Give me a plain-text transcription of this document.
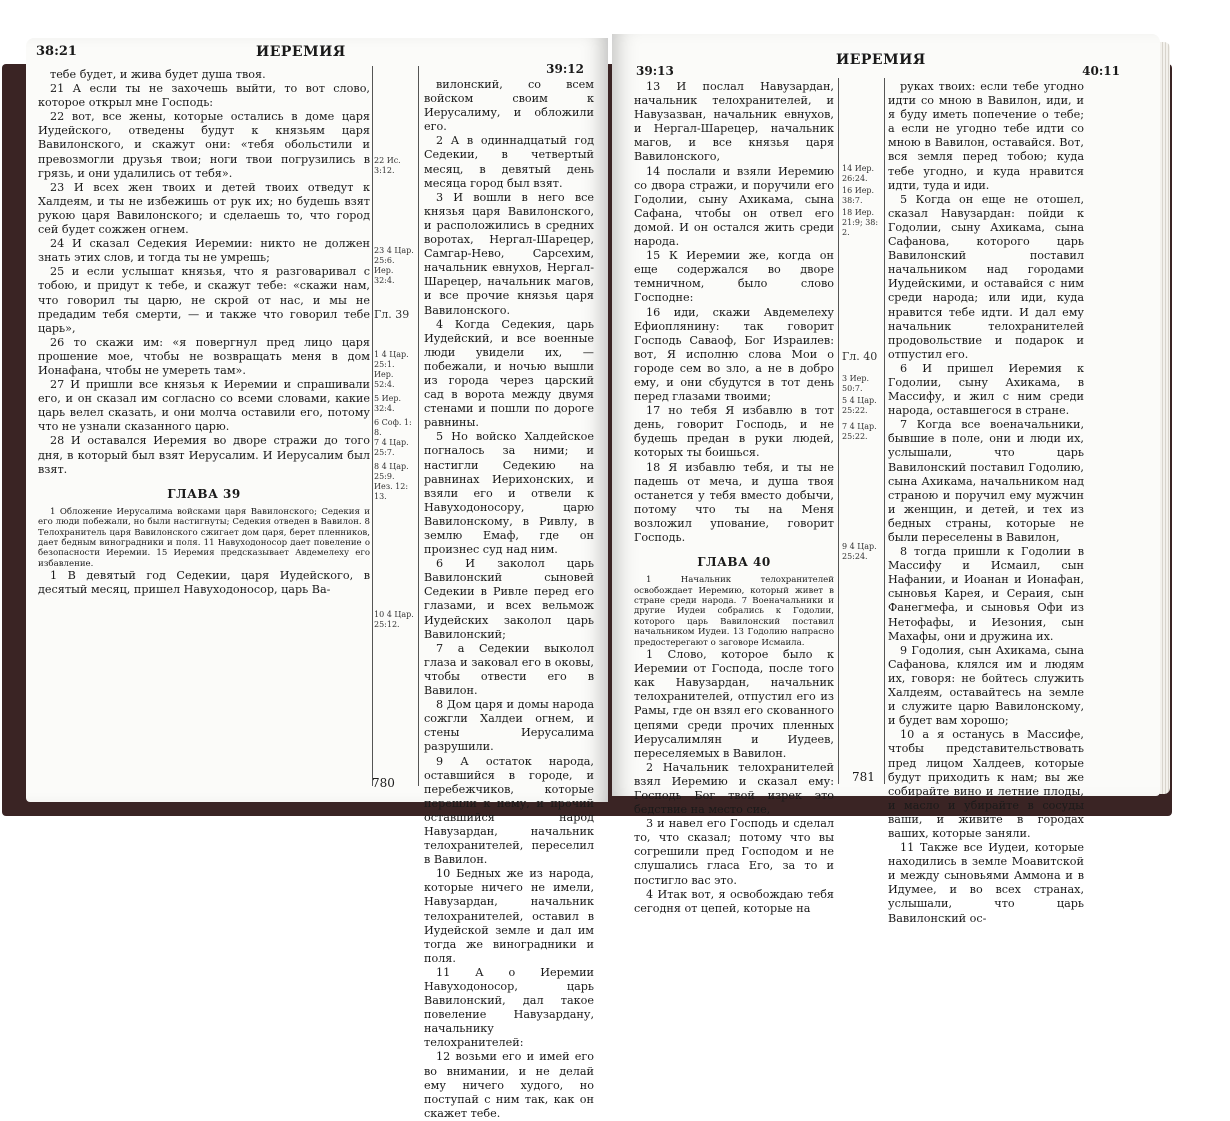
38:21	ИЕРЕМИЯ
39:12

тебе будет, и жива будет душа твоя.

21 А если ты не захочешь выйти, то вот слово, которое открыл мне Господь:

22 вот, все жены, которые остались в доме царя Иудейского, отведены будут к князьям царя Вавилонского, и скажут они: «тебя обольстили и превозмогли друзья твои; ноги твои погрузились в грязь, и они удалились от тебя».

23 И всех жен твоих и детей твоих отведут к Халдеям, и ты не избежишь от рук их; но будешь взят рукою царя Вавилонского; и сделаешь то, что город сей будет сожжен огнем.

24 И сказал Седекия Иеремии: никто не должен знать этих слов, и тогда ты не умрешь;

25 и если услышат князья, что я разговаривал с тобою, и придут к тебе, и скажут тебе: «скажи нам, что говорил ты царю, не скрой от нас, и мы не предадим тебя смерти, — и также что говорил тебе царь»,

26 то скажи им: «я повергнул пред лицо царя прошение мое, чтобы не возвращать меня в дом Ионафана, чтобы не умереть там».

27 И пришли все князья к Иеремии и спрашивали его, и он сказал им согласно со всеми словами, какие царь велел сказать, и они молча оставили его, потому что не узнали сказанного царю.

28 И оставался Иеремия во дворе стражи до того дня, в который был взят Иерусалим. И Иерусалим был взят.

ГЛАВА 39

1 Обложение Иерусалима войсками царя Вавилонского; Седекия и его люди побежали, но были настигнуты; Седекия отведен в Вавилон. 8 Телохранитель царя Вавилонского сжигает дом царя, берет пленников, дает бедным виноградники и поля. 11 Навуходоносор дает повеление о безопасности Иеремии. 15 Иеремия предсказывает Авдемелеху его избавление.

1 В девятый год Седекии, царя Иудейского, в десятый месяц, пришел Навуходоносор, царь Ва-

22 Ис. 3:12.
23 4 Цар. 25:6. Иер. 32:4.
Гл. 39
1 4 Цар. 25:1. Иер. 52:4.
5 Иер. 32:4.
6 Соф. 1: 8.
7 4 Цар. 25:7.
8 4 Цар. 25:9. Иез. 12: 13.
10 4 Цар. 25:12.

вилонский, со всем войском своим к Иерусалиму, и обложили его.

2 А в одиннадцатый год Седекии, в четвертый месяц, в девятый день месяца город был взят.

3 И вошли в него все князья царя Вавилонского, и расположились в средних воротах, Нергал-Шарецер, Самгар-Нево, Сарсехим, начальник евнухов, Нергал-Шарецер, начальник магов, и все прочие князья царя Вавилонского.

4 Когда Седекия, царь Иудейский, и все военные люди увидели их, — побежали, и ночью вышли из города через царский сад в ворота между двумя стенами и пошли по дороге равнины.

5 Но войско Халдейское погналось за ними; и настигли Седекию на равнинах Иерихонских, и взяли его и отвели к Навуходоносору, царю Вавилонскому, в Ривлу, в землю Емаф, где он произнес суд над ним.

6 И заколол царь Вавилонский сыновей Седекии в Ривле перед его глазами, и всех вельмож Иудейских заколол царь Вавилонский;

7 а Седекии выколол глаза и заковал его в оковы, чтобы отвести его в Вавилон.

8 Дом царя и домы народа сожгли Халдеи огнем, и стены Иерусалима разрушили.

9 А остаток народа, оставшийся в городе, и перебежчиков, которые перешли к нему, и прочий оставшийся народ Навузардан, начальник телохранителей, переселил в Вавилон.

10 Бедных же из народа, которые ничего не имели, Навузардан, начальник телохранителей, оставил в Иудейской земле и дал им тогда же виноградники и поля.

11 А о Иеремии Навуходоносор, царь Вавилонский, дал такое повеление Навузардану, начальнику телохранителей:

12 возьми его и имей его во внимании, и не делай ему ничего худого, но поступай с ним так, как он скажет тебе.

780
39:13
ИЕРЕМИЯ
40:11

13 И послал Навузардан, начальник телохранителей, и Навузазван, начальник евнухов, и Нергал-Шарецер, начальник магов, и все князья царя Вавилонского,

14 послали и взяли Иеремию со двора стражи, и поручили его Годолии, сыну Ахикама, сына Сафана, чтобы он отвел его домой. И он остался жить среди народа.

15 К Иеремии же, когда он еще содержался во дворе темничном, было слово Господне:

16 иди, скажи Авдемелеху Ефиоплянину: так говорит Господь Саваоф, Бог Израилев: вот, Я исполню слова Мои о городе сем во зло, а не в добро ему, и они сбудутся в тот день перед глазами твоими;

17 но тебя Я избавлю в тот день, говорит Господь, и не будешь предан в руки людей, которых ты боишься.

18 Я избавлю тебя, и ты не падешь от меча, и душа твоя останется у тебя вместо добычи, потому что ты на Меня возложил упование, говорит Господь.

ГЛАВА 40

1 Начальник телохранителей освобождает Иеремию, который живет в стране среди народа. 7 Военачальники и другие Иудеи собрались к Годолии, которого царь Вавилонский поставил начальником Иудеи. 13 Годолию напрасно предостерегают о заговоре Исмаила.

1 Слово, которое было к Иеремии от Господа, после того как Навузардан, начальник телохранителей, отпустил его из Рамы, где он взял его скованного цепями среди прочих пленных Иерусалимлян и Иудеев, переселяемых в Вавилон.

2 Начальник телохранителей взял Иеремию и сказал ему: Господь Бог твой изрек это бедствие на место сие,

3 и навел его Господь и сделал то, что сказал; потому что вы согрешили пред Господом и не слушались гласа Его, за то и постигло вас это.

4 Итак вот, я освобождаю тебя сегодня от цепей, которые на

14 Иер. 26:24.
16 Иер. 38:7.
18 Иер. 21:9; 38: 2.
Гл. 40
3 Иер. 50:7.
5 4 Цар. 25:22.
7 4 Цар. 25:22.
9 4 Цар. 25:24.

руках твоих: если тебе угодно идти со мною в Вавилон, иди, и я буду иметь попечение о тебе; а если не угодно тебе идти со мною в Вавилон, оставайся. Вот, вся земля перед тобою; куда тебе угодно, и куда нравится идти, туда и иди.

5 Когда он еще не отошел, сказал Навузардан: пойди к Годолии, сыну Ахикама, сына Сафанова, которого царь Вавилонский поставил начальником над городами Иудейскими, и оставайся с ним среди народа; или иди, куда нравится тебе идти. И дал ему начальник телохранителей продовольствие и подарок и отпустил его.

6 И пришел Иеремия к Годолии, сыну Ахикама, в Массифу, и жил с ним среди народа, оставшегося в стране.

7 Когда все военачальники, бывшие в поле, они и люди их, услышали, что царь Вавилонский поставил Годолию, сына Ахикама, начальником над страною и поручил ему мужчин и женщин, и детей, и тех из бедных страны, которые не были переселены в Вавилон,

8 тогда пришли к Годолии в Массифу и Исмаил, сын Нафании, и Иоанан и Ионафан, сыновья Карея, и Сераия, сын Фанегмефа, и сыновья Офи из Нетофафы, и Иезония, сын Махафы, они и дружина их.

9 Годолия, сын Ахикама, сына Сафанова, клялся им и людям их, говоря: не бойтесь служить Халдеям, оставайтесь на земле и служите царю Вавилонскому, и будет вам хорошо;

10 а я останусь в Массифе, чтобы представительствовать пред лицом Халдеев, которые будут приходить к нам; вы же собирайте вино и летние плоды, и масло и убирайте в сосуды ваши, и живите в городах ваших, которые заняли.

11 Также все Иудеи, которые находились в земле Моавитской и между сыновьями Аммона и в Идумее, и во всех странах, услышали, что царь Вавилонский ос-

781
